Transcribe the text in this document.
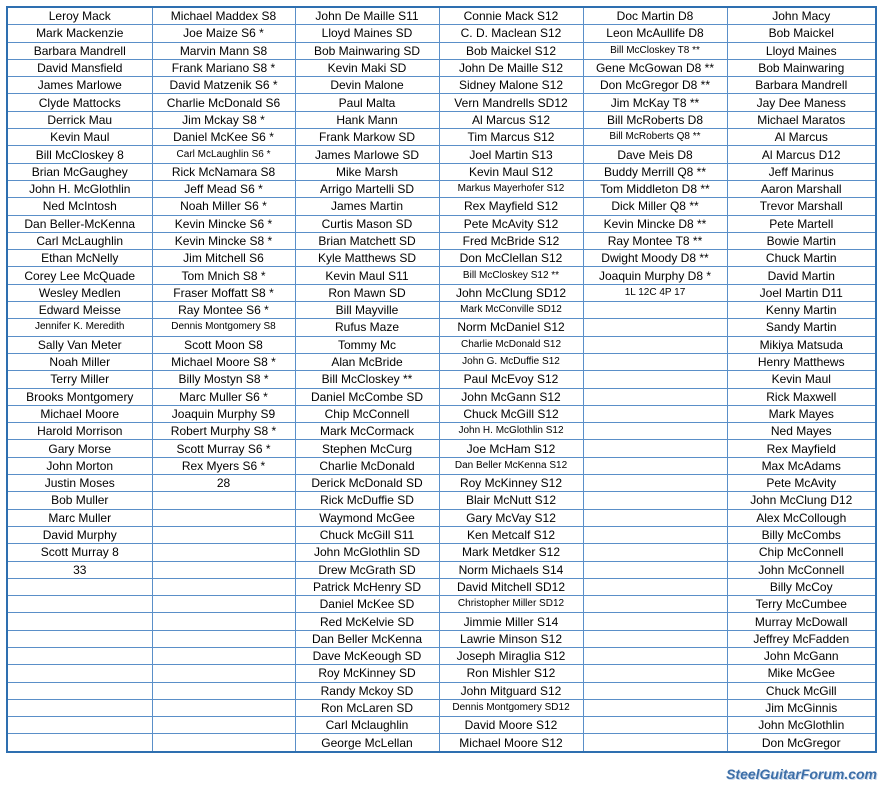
Leroy Mack	Michael Maddex S8	John De Maille S11	Connie Mack S12	Doc Martin D8	John Macy
Mark Mackenzie	Joe Maize S6 *	Lloyd Maines SD	C. D. Maclean S12	Leon McAullife D8	Bob Maickel
Barbara Mandrell	Marvin Mann S8	Bob Mainwaring SD	Bob Maickel S12	Bill McCloskey T8 **	Lloyd Maines
David Mansfield	Frank Mariano S8 *	Kevin Maki SD	John De Maille S12	Gene McGowan D8 **	Bob Mainwaring
James Marlowe	David Matzenik S6 *	Devin Malone	Sidney Malone S12	Don McGregor D8 **	Barbara Mandrell
Clyde Mattocks	Charlie McDonald S6	Paul Malta	Vern Mandrells SD12	Jim McKay T8 **	Jay Dee Maness
Derrick Mau	Jim Mckay S8 *	Hank Mann	Al Marcus S12	Bill McRoberts D8	Michael Maratos
Kevin Maul	Daniel McKee S6 *	Frank Markow SD	Tim Marcus S12	Bill McRoberts Q8 **	Al Marcus
Bill McCloskey 8	Carl McLaughlin S6 *	James Marlowe SD	Joel Martin S13	Dave Meis D8	Al Marcus D12
Brian McGaughey	Rick McNamara S8	Mike Marsh	Kevin Maul S12	Buddy Merrill Q8 **	Jeff Marinus
John H. McGlothlin	Jeff Mead S6 *	Arrigo Martelli SD	Markus Mayerhofer S12	Tom Middleton D8 **	Aaron Marshall
Ned McIntosh	Noah Miller S6 *	James Martin	Rex Mayfield S12	Dick Miller Q8 **	Trevor Marshall
Dan Beller-McKenna	Kevin Mincke S6 *	Curtis Mason SD	Pete McAvity S12	Kevin Mincke D8 **	Pete Martell
Carl McLaughlin	Kevin Mincke S8 *	Brian Matchett SD	Fred McBride S12	Ray Montee T8 **	Bowie Martin
Ethan McNelly	Jim Mitchell S6	Kyle Matthews SD	Don McClellan S12	Dwight Moody D8 **	Chuck Martin
Corey Lee McQuade	Tom Mnich S8 *	Kevin Maul S11	Bill McCloskey S12 **	Joaquin Murphy D8 *	David Martin
Wesley Medlen	Fraser Moffatt S8 *	Ron Mawn SD	John McClung SD12	1L 12C 4P 17	Joel Martin D11
Edward Meisse	Ray Montee S6 *	Bill Mayville	Mark McConville SD12		Kenny Martin
Jennifer K. Meredith	Dennis Montgomery S8	Rufus Maze	Norm McDaniel S12		Sandy Martin
Sally Van Meter	Scott Moon S8	Tommy Mc	Charlie McDonald S12		Mikiya Matsuda
Noah Miller	Michael Moore S8 *	Alan McBride	John G. McDuffie S12		Henry Matthews
Terry Miller	Billy Mostyn S8 *	Bill McCloskey **	Paul McEvoy S12		Kevin Maul
Brooks Montgomery	Marc Muller S6 *	Daniel McCombe SD	John McGann S12		Rick Maxwell
Michael Moore	Joaquin Murphy S9	Chip McConnell	Chuck McGill S12		Mark Mayes
Harold Morrison	Robert Murphy S8 *	Mark McCormack	John H. McGlothlin S12		Ned Mayes
Gary Morse	Scott Murray S6 *	Stephen McCurg	Joe McHam S12		Rex Mayfield
John Morton	Rex Myers S6 *	Charlie McDonald	Dan Beller McKenna S12		Max McAdams
Justin Moses	28	Derick McDonald SD	Roy McKinney S12		Pete McAvity
Bob Muller		Rick McDuffie SD	Blair McNutt S12		John McClung D12
Marc Muller		Waymond McGee	Gary McVay S12		Alex McCollough
David Murphy		Chuck McGill S11	Ken Metcalf S12		Billy McCombs
Scott Murray 8		John McGlothlin SD	Mark Metdker S12		Chip McConnell
33		Drew McGrath SD	Norm Michaels S14		John McConnell
		Patrick McHenry SD	David Mitchell SD12		Billy McCoy
		Daniel McKee SD	Christopher Miller SD12		Terry McCumbee
		Red McKelvie SD	Jimmie Miller S14		Murray McDowall
		Dan Beller McKenna	Lawrie Minson S12		Jeffrey McFadden
		Dave McKeough SD	Joseph Miraglia S12		John McGann
		Roy McKinney SD	Ron Mishler S12		Mike McGee
		Randy Mckoy SD	John Mitguard S12		Chuck McGill
		Ron McLaren SD	Dennis Montgomery SD12		Jim McGinnis
		Carl Mclaughlin	David Moore S12		John McGlothlin
		George McLellan	Michael Moore S12		Don McGregor
SteelGuitarForum.com
